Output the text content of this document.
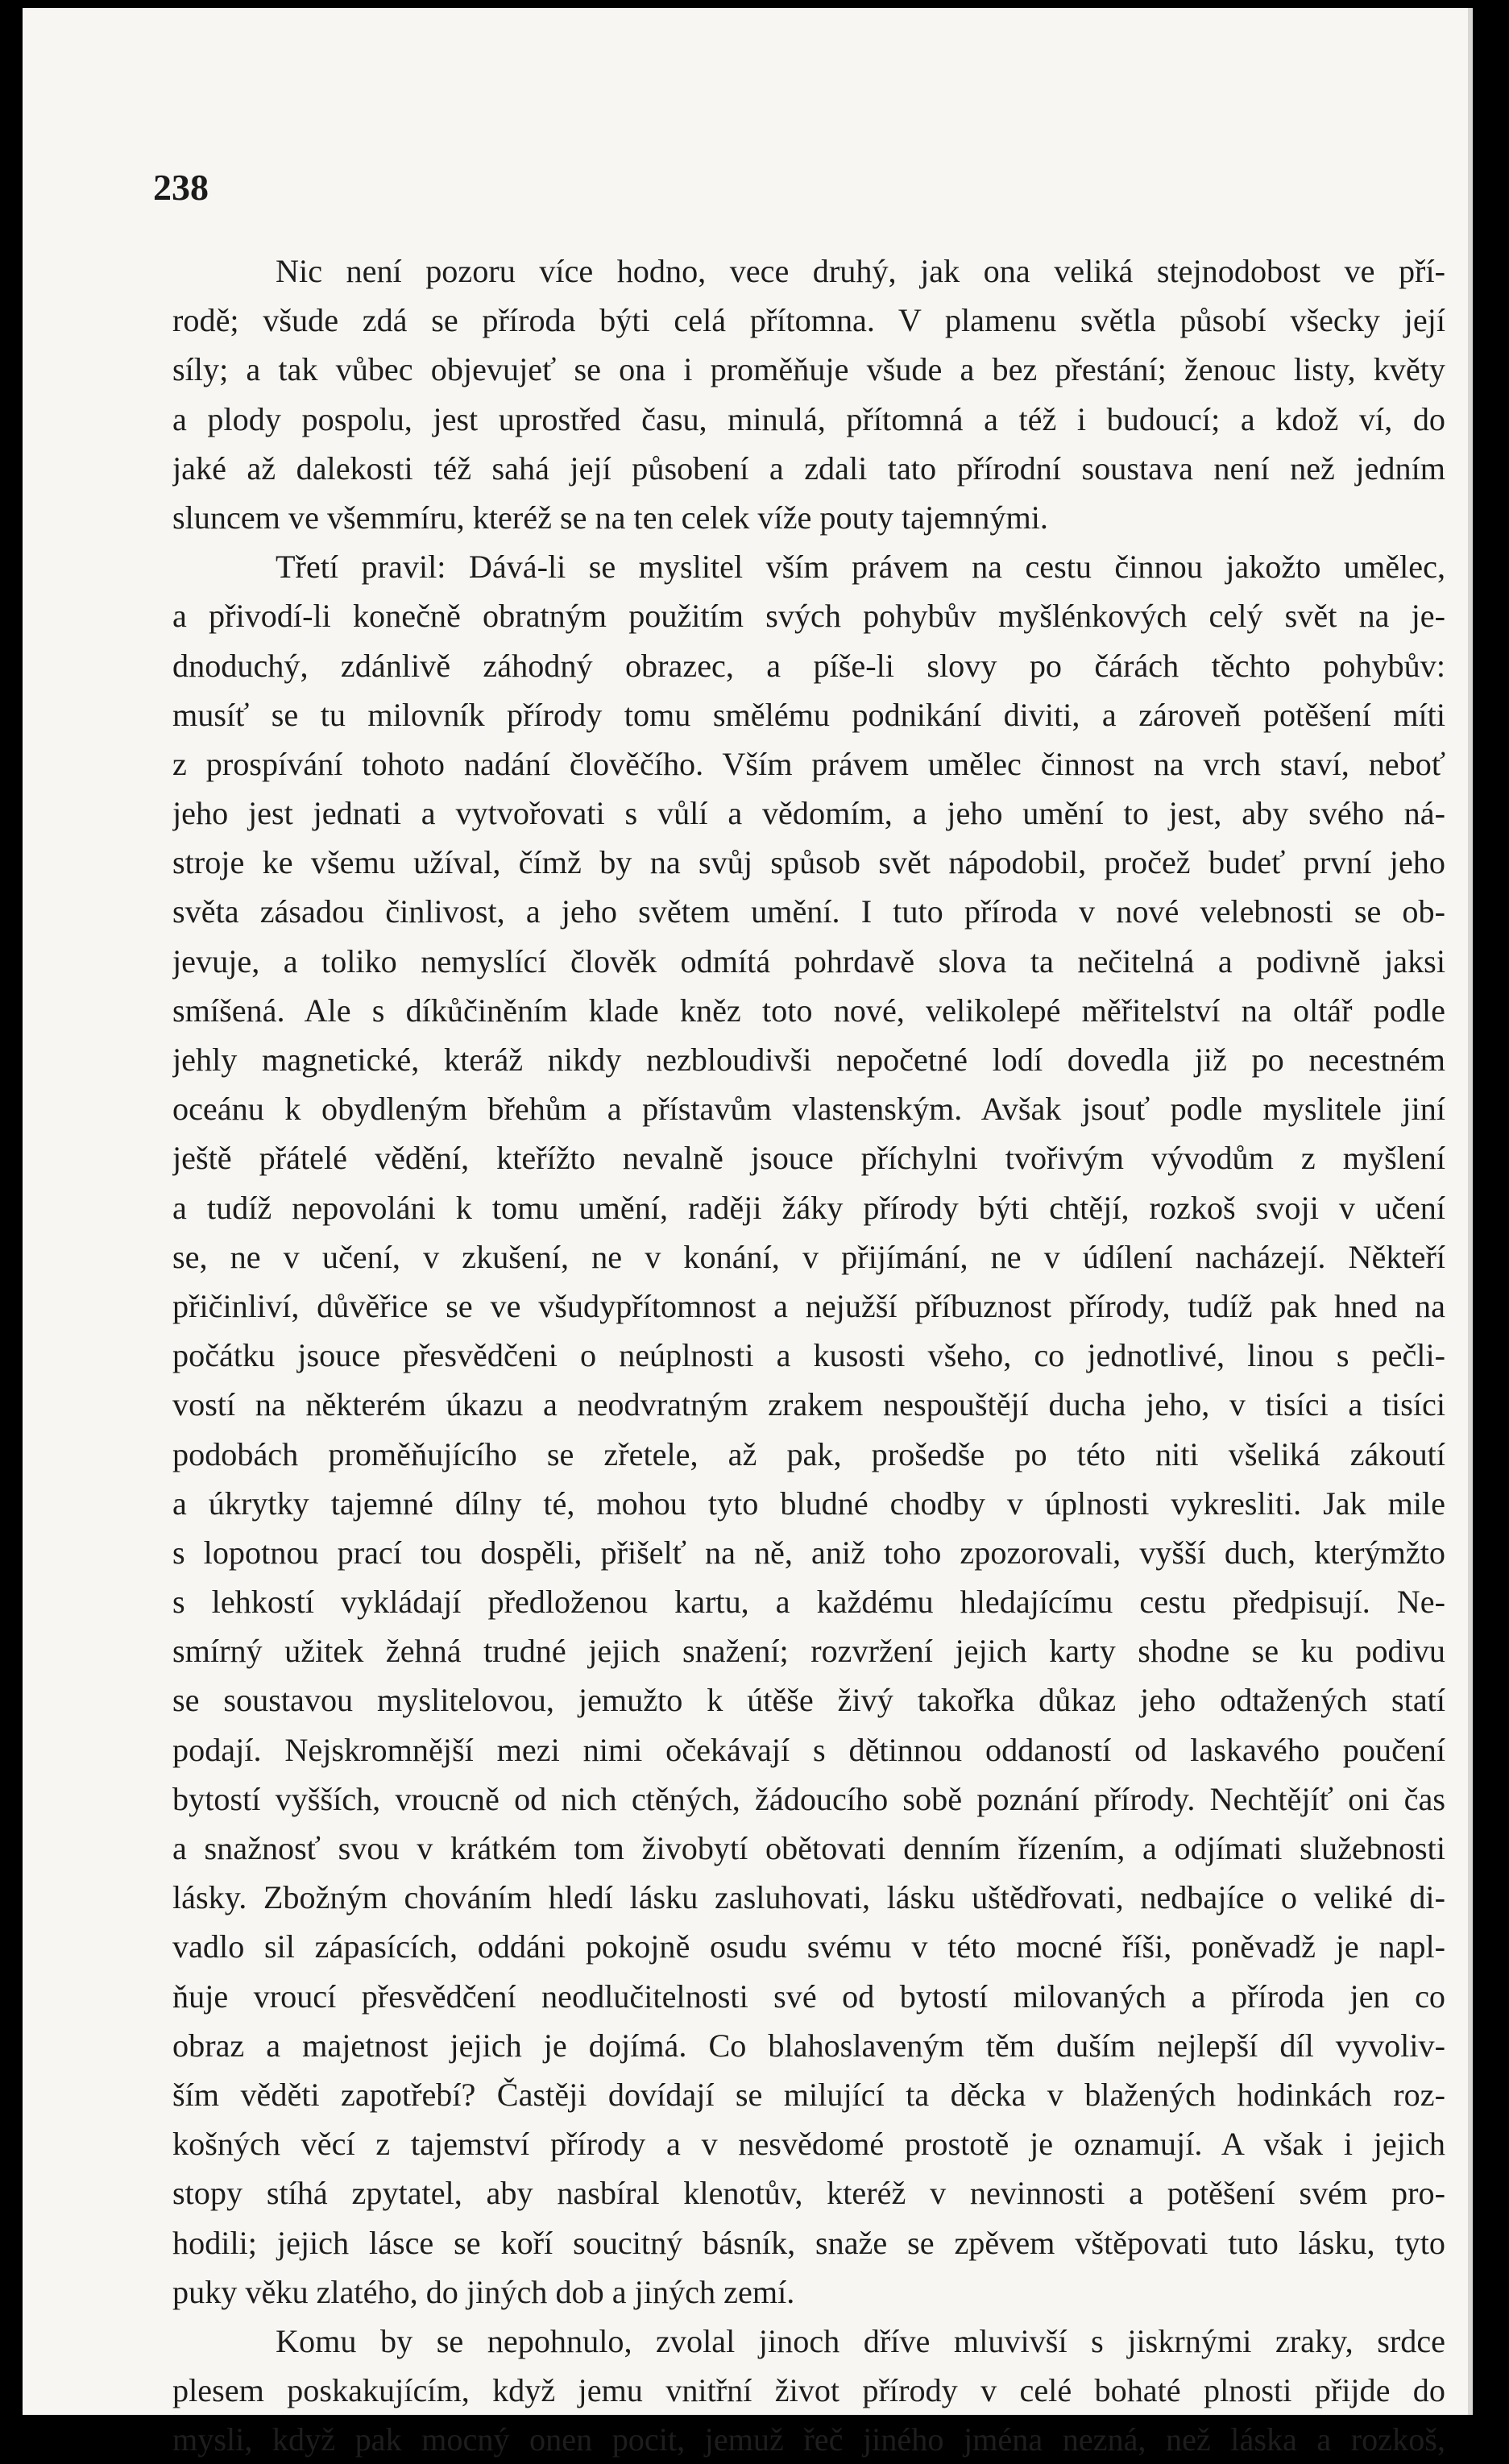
238
Nic není pozoru více hodno, vece druhý, jak ona veliká stejnodobost ve pří-
rodě; všude zdá se příroda býti celá přítomna. V plamenu světla působí všecky její
síly; a tak vůbec objevujeť se ona i proměňuje všude a bez přestání; ženouc listy, květy
a plody pospolu, jest uprostřed času, minulá, přítomná a též i budoucí; a kdož ví, do
jaké až dalekosti též sahá její působení a zdali tato přírodní soustava není než jedním
sluncem ve všemmíru, kteréž se na ten celek víže pouty tajemnými.
Třetí pravil: Dává-li se myslitel vším právem na cestu činnou jakožto umělec,
a přivodí-li konečně obratným použitím svých pohybův myšlénkových celý svět na je-
dnoduchý, zdánlivě záhodný obrazec, a píše-li slovy po čárách těchto pohybův:
musíť se tu milovník přírody tomu smělému podnikání diviti, a zároveň potěšení míti
z prospívání tohoto nadání člověčího. Vším právem umělec činnost na vrch staví, neboť
jeho jest jednati a vytvořovati s vůlí a vědomím, a jeho umění to jest, aby svého ná-
stroje ke všemu užíval, čímž by na svůj spůsob svět nápodobil, pročež budeť první jeho
světa zásadou činlivost, a jeho světem umění. I tuto příroda v nové velebnosti se ob-
jevuje, a toliko nemyslící člověk odmítá pohrdavě slova ta nečitelná a podivně jaksi
smíšená. Ale s díkůčiněním klade kněz toto nové, velikolepé měřitelství na oltář podle
jehly magnetické, kteráž nikdy nezbloudivši nepočetné lodí dovedla již po necestném
oceánu k obydleným břehům a přístavům vlastenským. Avšak jsouť podle myslitele jiní
ještě přátelé vědění, kteřížto nevalně jsouce příchylni tvořivým vývodům z myšlení
a tudíž nepovoláni k tomu umění, raději žáky přírody býti chtějí, rozkoš svoji v učení
se, ne v učení, v zkušení, ne v konání, v přijímání, ne v údílení nacházejí. Někteří
přičinliví, důvěřice se ve všudypřítomnost a nejužší příbuznost přírody, tudíž pak hned na
počátku jsouce přesvědčeni o neúplnosti a kusosti všeho, co jednotlivé, linou s pečli-
vostí na některém úkazu a neodvratným zrakem nespouštějí ducha jeho, v tisíci a tisíci
podobách proměňujícího se zřetele, až pak, prošedše po této niti všeliká zákoutí
a úkrytky tajemné dílny té, mohou tyto bludné chodby v úplnosti vykresliti. Jak mile
s lopotnou prací tou dospěli, přišelť na ně, aniž toho zpozorovali, vyšší duch, kterýmžto
s lehkostí vykládají předloženou kartu, a každému hledajícímu cestu předpisují. Ne-
smírný užitek žehná trudné jejich snažení; rozvržení jejich karty shodne se ku podivu
se soustavou myslitelovou, jemužto k útěše živý takořka důkaz jeho odtažených statí
podají. Nejskromnější mezi nimi očekávají s dětinnou oddaností od laskavého poučení
bytostí vyšších, vroucně od nich ctěných, žádoucího sobě poznání přírody. Nechtějíť oni čas
a snažnosť svou v krátkém tom živobytí obětovati denním řízením, a odjímati služebnosti
lásky. Zbožným chováním hledí lásku zasluhovati, lásku uštědřovati, nedbajíce o veliké di-
vadlo sil zápasících, oddáni pokojně osudu svému v této mocné říši, poněvadž je napl-
ňuje vroucí přesvědčení neodlučitelnosti své od bytostí milovaných a příroda jen co
obraz a majetnost jejich je dojímá. Co blahoslaveným těm duším nejlepší díl vyvoliv-
ším věděti zapotřebí? Častěji dovídají se milující ta děcka v blažených hodinkách roz-
košných věcí z tajemství přírody a v nesvědomé prostotě je oznamují. A však i jejich
stopy stíhá zpytatel, aby nasbíral klenotův, kteréž v nevinnosti a potěšení svém pro-
hodili; jejich lásce se koří soucitný básník, snaže se zpěvem vštěpovati tuto lásku, tyto
puky věku zlatého, do jiných dob a jiných zemí.
Komu by se nepohnulo, zvolal jinoch dříve mluvivší s jiskrnými zraky, srdce
plesem poskakujícím, když jemu vnitřní život přírody v celé bohaté plnosti přijde do
mysli, když pak mocný onen pocit, jemuž řeč jiného jména nezná, než láska a rozkoš,
